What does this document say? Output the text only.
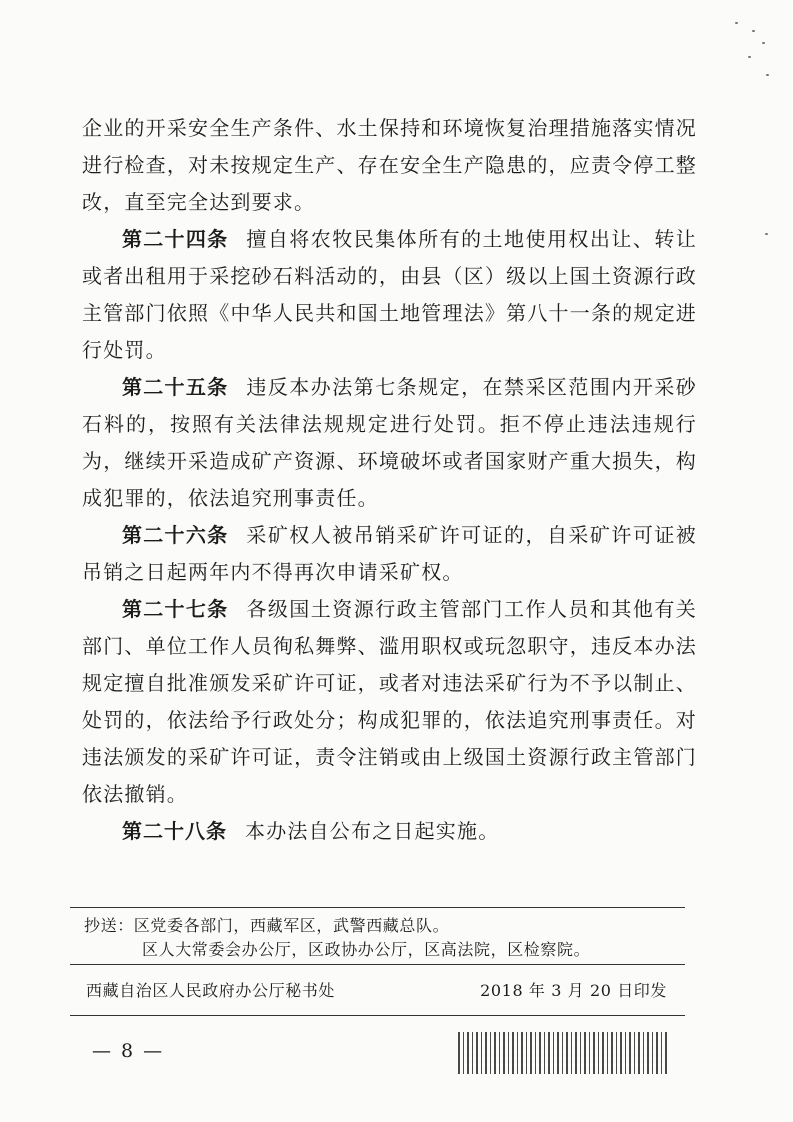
企业的开采安全生产条件、水土保持和环境恢复治理措施落实情况进行检查，对未按规定生产、存在安全生产隐患的，应责令停工整改，直至完全达到要求。

第二十四条 擅自将农牧民集体所有的土地使用权出让、转让或者出租用于采挖砂石料活动的，由县（区）级以上国土资源行政主管部门依照《中华人民共和国土地管理法》第八十一条的规定进行处罚。

第二十五条 违反本办法第七条规定，在禁采区范围内开采砂石料的，按照有关法律法规规定进行处罚。拒不停止违法违规行为，继续开采造成矿产资源、环境破坏或者国家财产重大损失，构成犯罪的，依法追究刑事责任。

第二十六条 采矿权人被吊销采矿许可证的，自采矿许可证被吊销之日起两年内不得再次申请采矿权。

第二十七条 各级国土资源行政主管部门工作人员和其他有关部门、单位工作人员徇私舞弊、滥用职权或玩忽职守，违反本办法规定擅自批准颁发采矿许可证，或者对违法采矿行为不予以制止、处罚的，依法给予行政处分；构成犯罪的，依法追究刑事责任。对违法颁发的采矿许可证，责令注销或由上级国土资源行政主管部门依法撤销。

第二十八条 本办法自公布之日起实施。

抄送：区党委各部门，西藏军区，武警西藏总队。
区人大常委会办公厅，区政协办公厅，区高法院，区检察院。
西藏自治区人民政府办公厅秘书处	2018 年 3 月 20 日印发
— 8 —
